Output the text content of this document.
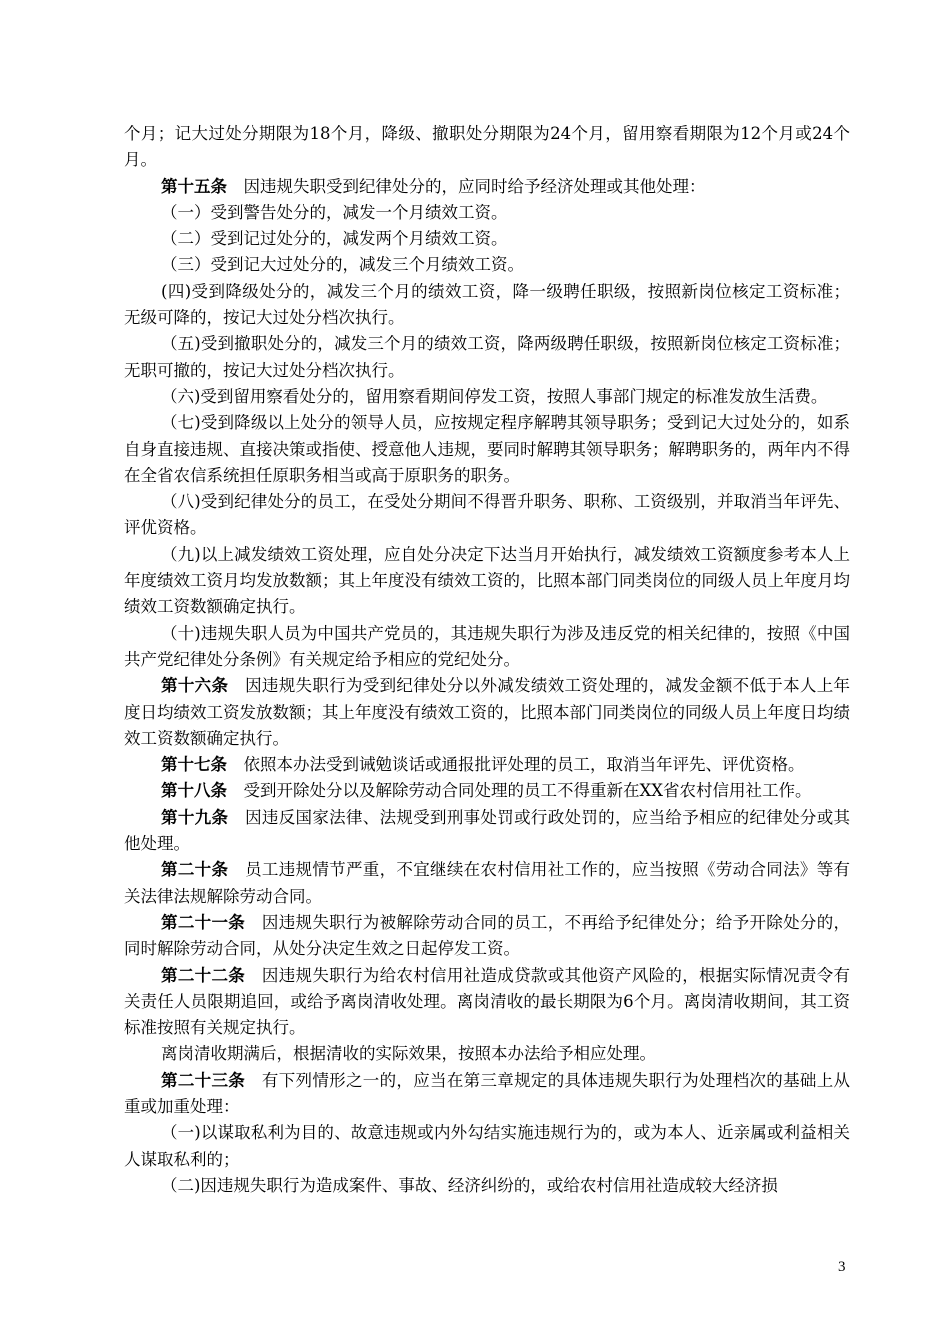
个月；记大过处分期限为18个月，降级、撤职处分期限为24个月，留用察看期限为12个月或24个月。

第十五条　因违规失职受到纪律处分的，应同时给予经济处理或其他处理：

（一）受到警告处分的，减发一个月绩效工资。

（二）受到记过处分的，减发两个月绩效工资。

（三）受到记大过处分的，减发三个月绩效工资。

(四)受到降级处分的，减发三个月的绩效工资，降一级聘任职级，按照新岗位核定工资标准；无级可降的，按记大过处分档次执行。

（五)受到撤职处分的，减发三个月的绩效工资，降两级聘任职级，按照新岗位核定工资标准；无职可撤的，按记大过处分档次执行。

（六)受到留用察看处分的，留用察看期间停发工资，按照人事部门规定的标准发放生活费。

（七)受到降级以上处分的领导人员，应按规定程序解聘其领导职务；受到记大过处分的，如系自身直接违规、直接决策或指使、授意他人违规，要同时解聘其领导职务；解聘职务的，两年内不得在全省农信系统担任原职务相当或高于原职务的职务。

（八)受到纪律处分的员工，在受处分期间不得晋升职务、职称、工资级别，并取消当年评先、评优资格。

（九)以上减发绩效工资处理，应自处分决定下达当月开始执行，减发绩效工资额度参考本人上年度绩效工资月均发放数额；其上年度没有绩效工资的，比照本部门同类岗位的同级人员上年度月均绩效工资数额确定执行。

（十)违规失职人员为中国共产党员的，其违规失职行为涉及违反党的相关纪律的，按照《中国共产党纪律处分条例》有关规定给予相应的党纪处分。

第十六条　因违规失职行为受到纪律处分以外减发绩效工资处理的，减发金额不低于本人上年度日均绩效工资发放数额；其上年度没有绩效工资的，比照本部门同类岗位的同级人员上年度日均绩效工资数额确定执行。

第十七条　依照本办法受到诫勉谈话或通报批评处理的员工，取消当年评先、评优资格。

第十八条　受到开除处分以及解除劳动合同处理的员工不得重新在XX省农村信用社工作。

第十九条　因违反国家法律、法规受到刑事处罚或行政处罚的，应当给予相应的纪律处分或其他处理。

第二十条　员工违规情节严重，不宜继续在农村信用社工作的，应当按照《劳动合同法》等有关法律法规解除劳动合同。

第二十一条　因违规失职行为被解除劳动合同的员工，不再给予纪律处分；给予开除处分的，同时解除劳动合同，从处分决定生效之日起停发工资。

第二十二条　因违规失职行为给农村信用社造成贷款或其他资产风险的，根据实际情况责令有关责任人员限期追回，或给予离岗清收处理。离岗清收的最长期限为6个月。离岗清收期间，其工资标准按照有关规定执行。

离岗清收期满后，根据清收的实际效果，按照本办法给予相应处理。

第二十三条　有下列情形之一的，应当在第三章规定的具体违规失职行为处理档次的基础上从重或加重处理：

（一)以谋取私利为目的、故意违规或内外勾结实施违规行为的，或为本人、近亲属或利益相关人谋取私利的；

（二)因违规失职行为造成案件、事故、经济纠纷的，或给农村信用社造成较大经济损

3
